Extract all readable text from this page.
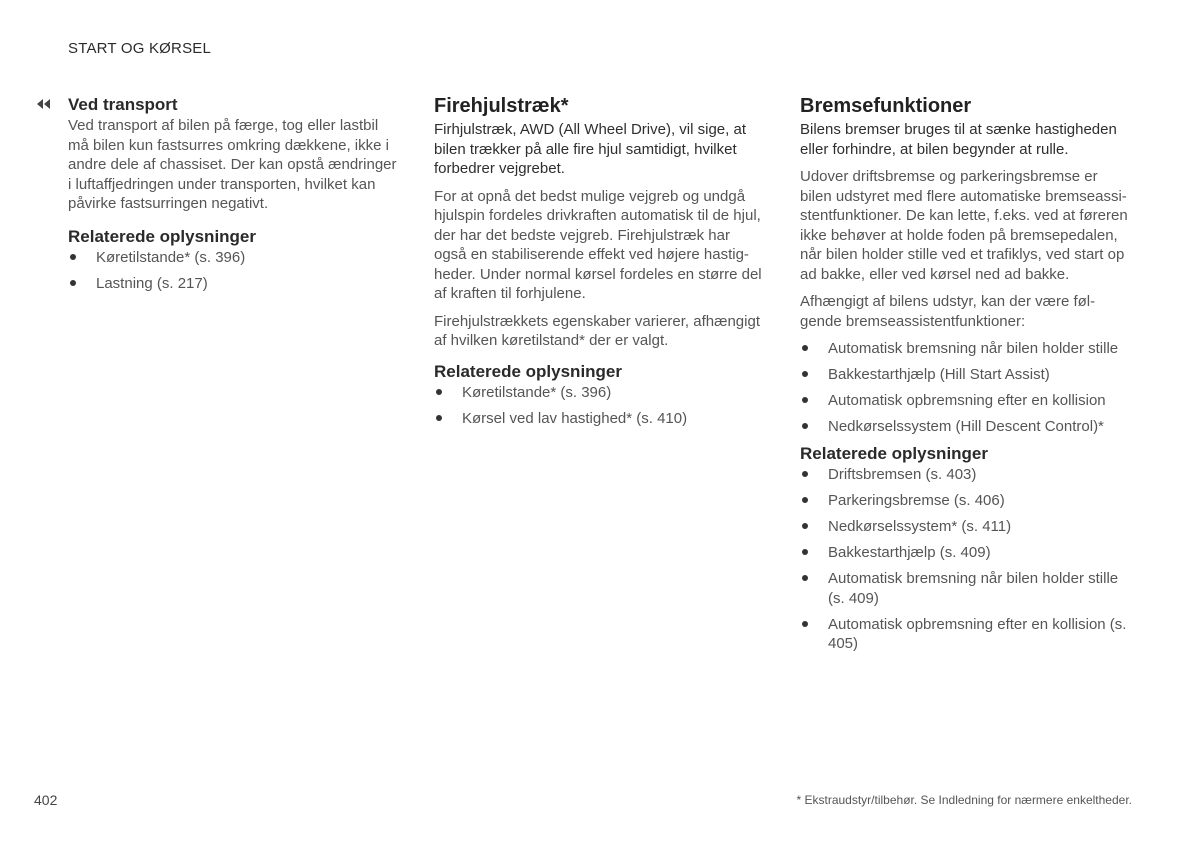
START OG KØRSEL
Ved transport

Ved transport af bilen på færge, tog eller lastbil må bilen kun fastsurres omkring dækkene, ikke i andre dele af chassiset. Der kan opstå ændringer i luftaffjedringen under transporten, hvilket kan påvirke fastsurringen negativt.

Relaterede oplysninger
Køretilstande* (s. 396)
Lastning (s. 217)
Firehjulstræk*

Firhjulstræk, AWD (All Wheel Drive), vil sige, at bilen trækker på alle fire hjul samtidigt, hvilket forbedrer vejgrebet.

For at opnå det bedst mulige vejgreb og undgå hjulspin fordeles drivkraften automatisk til de hjul, der har det bedste vejgreb. Firehjulstræk har også en stabiliserende effekt ved højere hastig-heder. Under normal kørsel fordeles en større del af kraften til forhjulene.

Firehjulstrækkets egenskaber varierer, afhængigt af hvilken køretilstand* der er valgt.

Relaterede oplysninger
Køretilstande* (s. 396)
Kørsel ved lav hastighed* (s. 410)
Bremsefunktioner

Bilens bremser bruges til at sænke hastigheden eller forhindre, at bilen begynder at rulle.

Udover driftsbremse og parkeringsbremse er bilen udstyret med flere automatiske bremseassi-stentfunktioner. De kan lette, f.eks. ved at føreren ikke behøver at holde foden på bremsepedalen, når bilen holder stille ved et trafiklys, ved start op ad bakke, eller ved kørsel ned ad bakke.

Afhængigt af bilens udstyr, kan der være føl-gende bremseassistentfunktioner:

Automatisk bremsning når bilen holder stille
Bakkestarthjælp (Hill Start Assist)
Automatisk opbremsning efter en kollision
Nedkørselssystem (Hill Descent Control)*
Relaterede oplysninger
Driftsbremsen (s. 403)
Parkeringsbremse (s. 406)
Nedkørselssystem* (s. 411)
Bakkestarthjælp (s. 409)
Automatisk bremsning når bilen holder stille (s. 409)
Automatisk opbremsning efter en kollision (s. 405)
402	* Ekstraudstyr/tilbehør. Se Indledning for nærmere enkeltheder.
